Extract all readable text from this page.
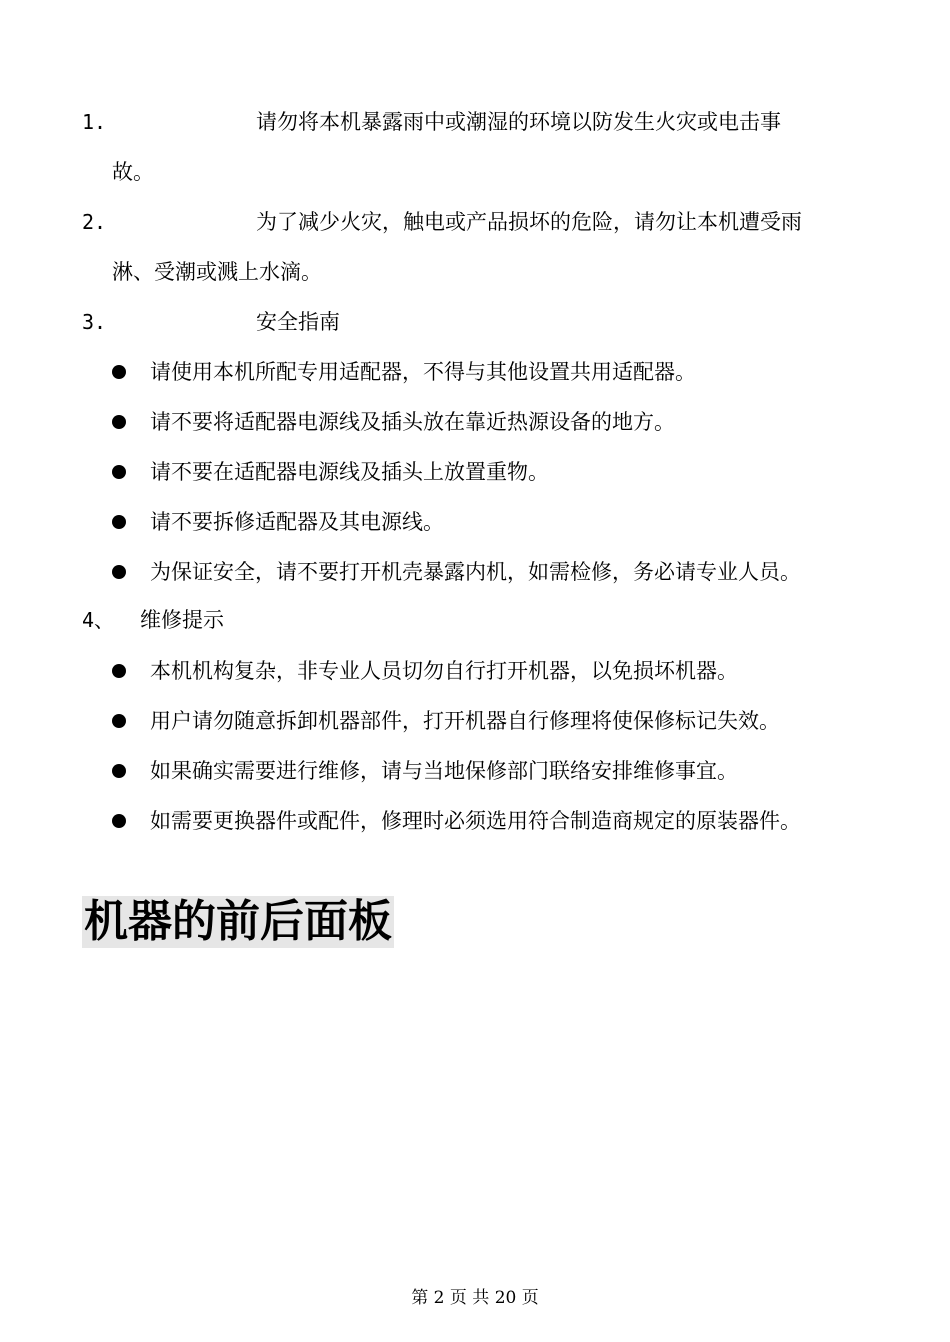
1.	请勿将本机暴露雨中或潮湿的环境以防发生火灾或电击事
故。
2.	为了减少火灾，触电或产品损坏的危险，请勿让本机遭受雨
淋、受潮或溅上水滴。
3.	安全指南
请使用本机所配专用适配器，不得与其他设置共用适配器。
请不要将适配器电源线及插头放在靠近热源设备的地方。
请不要在适配器电源线及插头上放置重物。
请不要拆修适配器及其电源线。
为保证安全，请不要打开机壳暴露内机，如需检修，务必请专业人员。
4、 维修提示
本机机构复杂，非专业人员切勿自行打开机器，以免损坏机器。
用户请勿随意拆卸机器部件，打开机器自行修理将使保修标记失效。
如果确实需要进行维修，请与当地保修部门联络安排维修事宜。
如需要更换器件或配件，修理时必须选用符合制造商规定的原装器件。
机器的前后面板
第 2 页 共 20 页
